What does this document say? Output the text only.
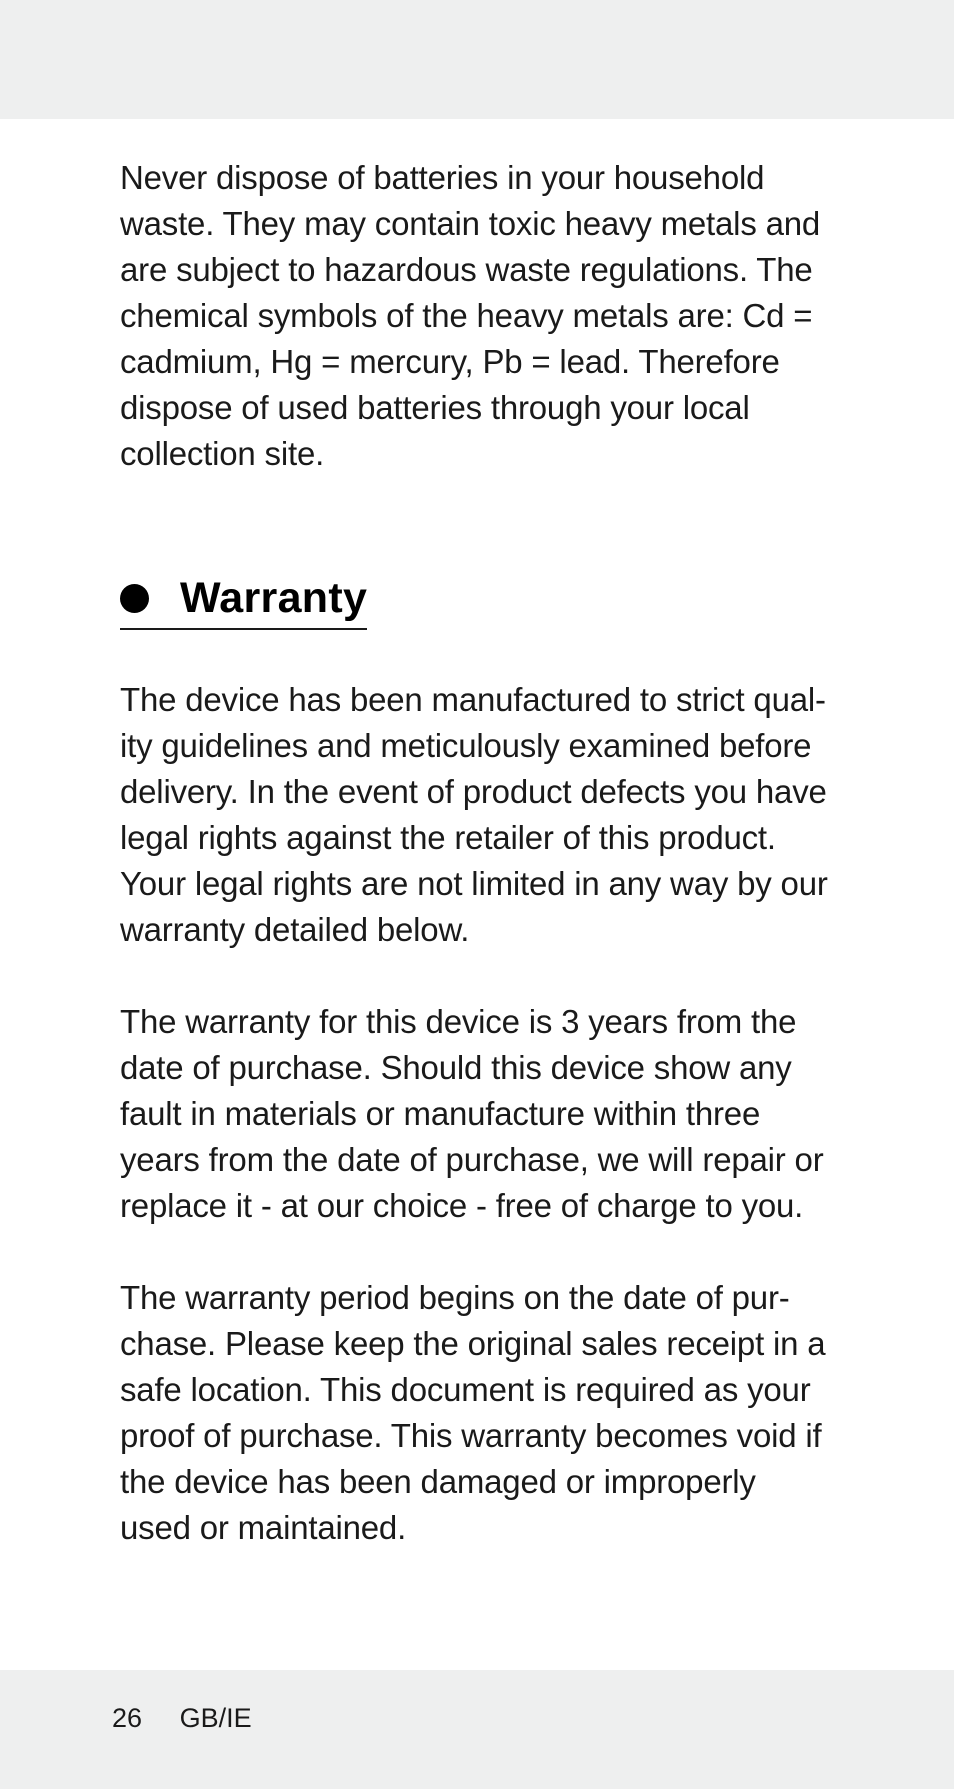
Never dispose of batteries in your household
waste. They may contain toxic heavy metals and
are subject to hazardous waste regulations. The
chemical symbols of the heavy metals are: Cd =
cadmium, Hg = mercury, Pb = lead. Therefore
dispose of used batteries through your local
collection site.

Warranty

The device has been manufactured to strict qual-
ity guidelines and meticulously examined before
delivery. In the event of product defects you have
legal rights against the retailer of this product.
Your legal rights are not limited in any way by our
warranty detailed below.

The warranty for this device is 3 years from the
date of purchase. Should this device show any
fault in materials or manufacture within three
years from the date of purchase, we will repair or
replace it - at our choice - free of charge to you.

The warranty period begins on the date of pur-
chase. Please keep the original sales receipt in a
safe location. This document is required as your
proof of purchase. This warranty becomes void if
the device has been damaged or improperly
used or maintained.

26 GB/IE
